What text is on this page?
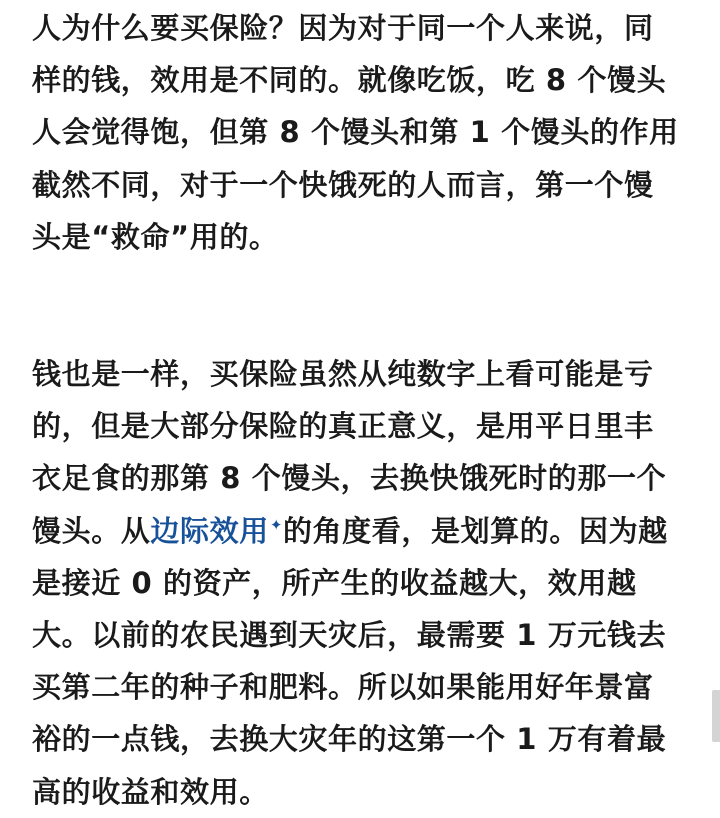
人为什么要买保险？因为对于同一个人来说，同样的钱，效用是不同的。就像吃饭，吃 8 个馒头人会觉得饱，但第 8 个馒头和第 1 个馒头的作用截然不同，对于一个快饿死的人而言，第一个馒头是“救命”用的。

钱也是一样，买保险虽然从纯数字上看可能是亏的，但是大部分保险的真正意义，是用平日里丰衣足食的那第 8 个馒头，去换快饿死时的那一个馒头。从边际效用✦的角度看，是划算的。因为越是接近 0 的资产，所产生的收益越大，效用越大。以前的农民遇到天灾后，最需要 1 万元钱去买第二年的种子和肥料。所以如果能用好年景富裕的一点钱，去换大灾年的这第一个 1 万有着最高的收益和效用。
